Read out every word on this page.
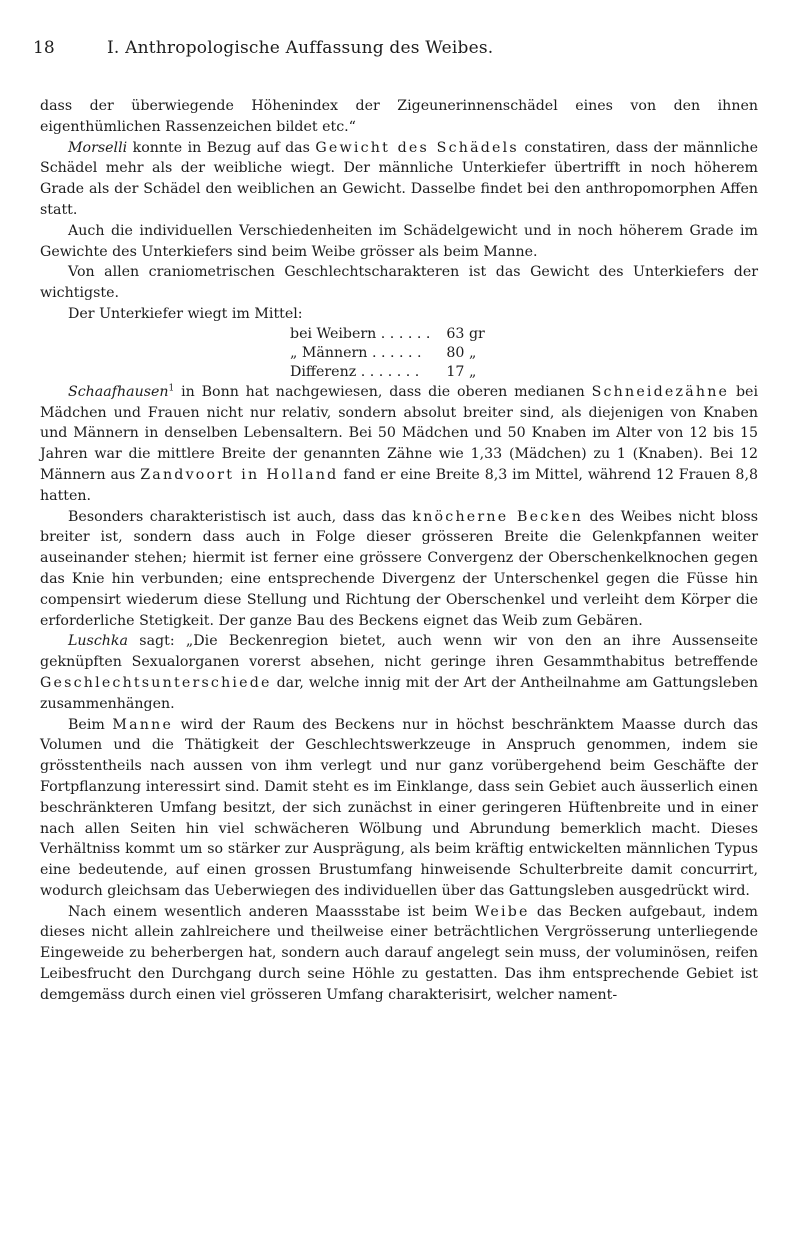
18	I. Anthropologische Auffassung des Weibes.

dass der überwiegende Höhenindex der Zigeunerinnenschädel eines von den ihnen eigenthümlichen Rassenzeichen bildet etc.“

Morselli konnte in Bezug auf das Gewicht des Schädels constatiren, dass der männliche Schädel mehr als der weibliche wiegt. Der männliche Unterkiefer übertrifft in noch höherem Grade als der Schädel den weiblichen an Gewicht. Dasselbe findet bei den anthropomorphen Affen statt.

Auch die individuellen Verschiedenheiten im Schädelgewicht und in noch höherem Grade im Gewichte des Unterkiefers sind beim Weibe grösser als beim Manne.

Von allen craniometrischen Geschlechtscharakteren ist das Gewicht des Unterkiefers der wichtigste.

Der Unterkiefer wiegt im Mittel:

bei Weibern . . . . . .	63 gr
„ Männern . . . . . .	80 „
Differenz . . . . . . .	17 „

Schaafhausen$^1$ in Bonn hat nachgewiesen, dass die oberen medianen Schneidezähne bei Mädchen und Frauen nicht nur relativ, sondern absolut breiter sind, als diejenigen von Knaben und Männern in denselben Lebensaltern. Bei 50 Mädchen und 50 Knaben im Alter von 12 bis 15 Jahren war die mittlere Breite der genannten Zähne wie 1,33 (Mädchen) zu 1 (Knaben). Bei 12 Männern aus Zandvoort in Holland fand er eine Breite 8,3 im Mittel, während 12 Frauen 8,8 hatten.

Besonders charakteristisch ist auch, dass das knöcherne Becken des Weibes nicht bloss breiter ist, sondern dass auch in Folge dieser grösseren Breite die Gelenkpfannen weiter auseinander stehen; hiermit ist ferner eine grössere Convergenz der Oberschenkelknochen gegen das Knie hin verbunden; eine entsprechende Divergenz der Unterschenkel gegen die Füsse hin compensirt wiederum diese Stellung und Richtung der Oberschenkel und verleiht dem Körper die erforderliche Stetigkeit. Der ganze Bau des Beckens eignet das Weib zum Gebären.

Luschka sagt: „Die Beckenregion bietet, auch wenn wir von den an ihre Aussenseite geknüpften Sexualorganen vorerst absehen, nicht geringe ihren Gesammthabitus betreffende Geschlechtsunterschiede dar, welche innig mit der Art der Antheilnahme am Gattungsleben zusammenhängen.

Beim Manne wird der Raum des Beckens nur in höchst beschränktem Maasse durch das Volumen und die Thätigkeit der Geschlechtswerkzeuge in Anspruch genommen, indem sie grösstentheils nach aussen von ihm verlegt und nur ganz vorübergehend beim Geschäfte der Fortpflanzung interessirt sind. Damit steht es im Einklange, dass sein Gebiet auch äusserlich einen beschränkteren Umfang besitzt, der sich zunächst in einer geringeren Hüftenbreite und in einer nach allen Seiten hin viel schwächeren Wölbung und Abrundung bemerklich macht. Dieses Verhältniss kommt um so stärker zur Ausprägung, als beim kräftig entwickelten männlichen Typus eine bedeutende, auf einen grossen Brustumfang hinweisende Schulterbreite damit concurrirt, wodurch gleichsam das Ueberwiegen des individuellen über das Gattungsleben ausgedrückt wird.

Nach einem wesentlich anderen Maassstabe ist beim Weibe das Becken aufgebaut, indem dieses nicht allein zahlreichere und theilweise einer beträchtlichen Vergrösserung unterliegende Eingeweide zu beherbergen hat, sondern auch darauf angelegt sein muss, der voluminösen, reifen Leibesfrucht den Durchgang durch seine Höhle zu gestatten. Das ihm entsprechende Gebiet ist demgemäss durch einen viel grösseren Umfang charakterisirt, welcher nament-
